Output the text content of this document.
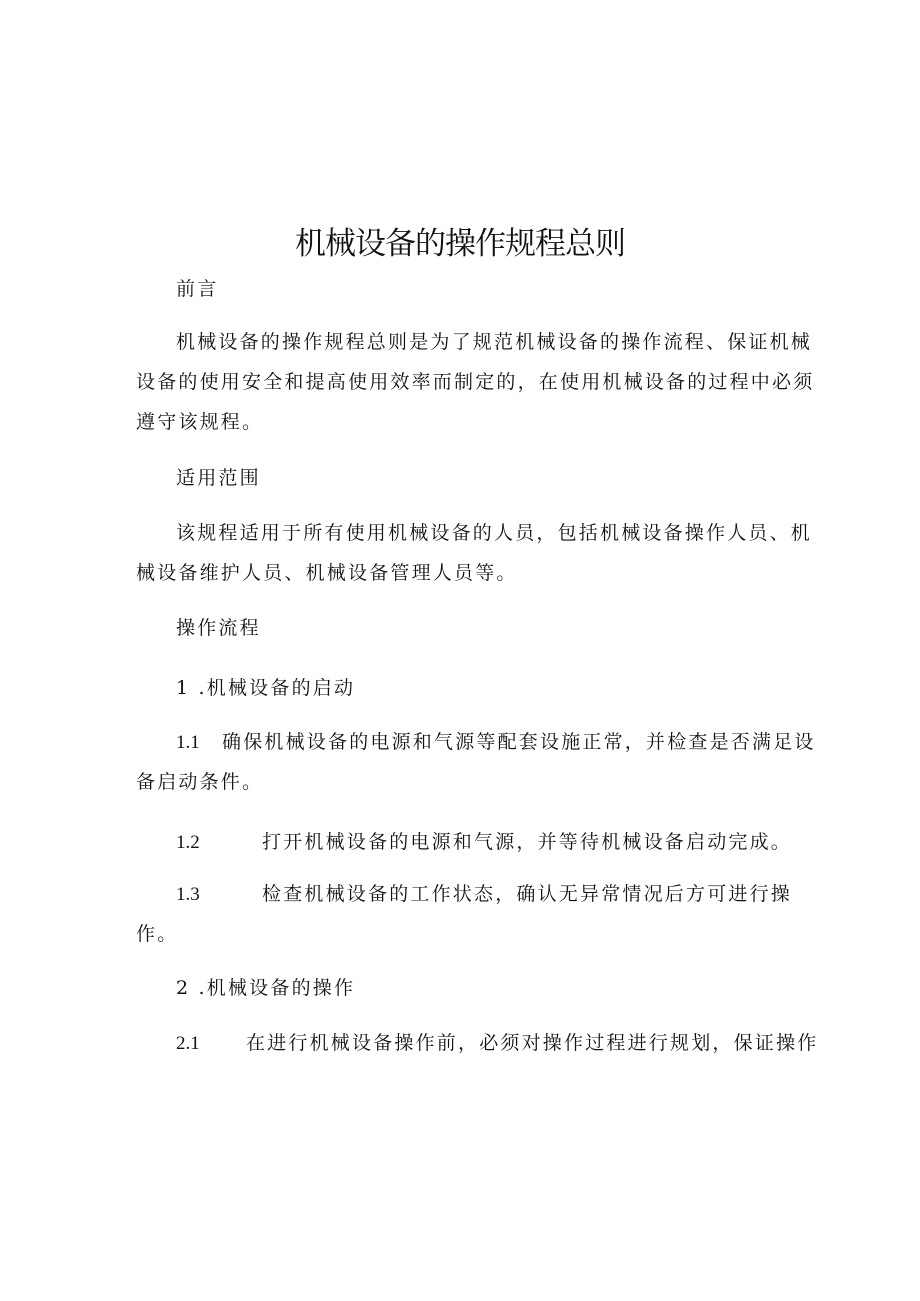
机械设备的操作规程总则
前言
机械设备的操作规程总则是为了规范机械设备的操作流程、保证机械
设备的使用安全和提高使用效率而制定的，在使用机械设备的过程中必须
遵守该规程。
适用范围
该规程适用于所有使用机械设备的人员，包括机械设备操作人员、机
械设备维护人员、机械设备管理人员等。
操作流程
1 .机械设备的启动
1.1 确保机械设备的电源和气源等配套设施正常，并检查是否满足设
备启动条件。
1.2	打开机械设备的电源和气源，并等待机械设备启动完成。
1.3	检查机械设备的工作状态，确认无异常情况后方可进行操
作。
2 .机械设备的操作
2.1 在进行机械设备操作前，必须对操作过程进行规划，保证操作
